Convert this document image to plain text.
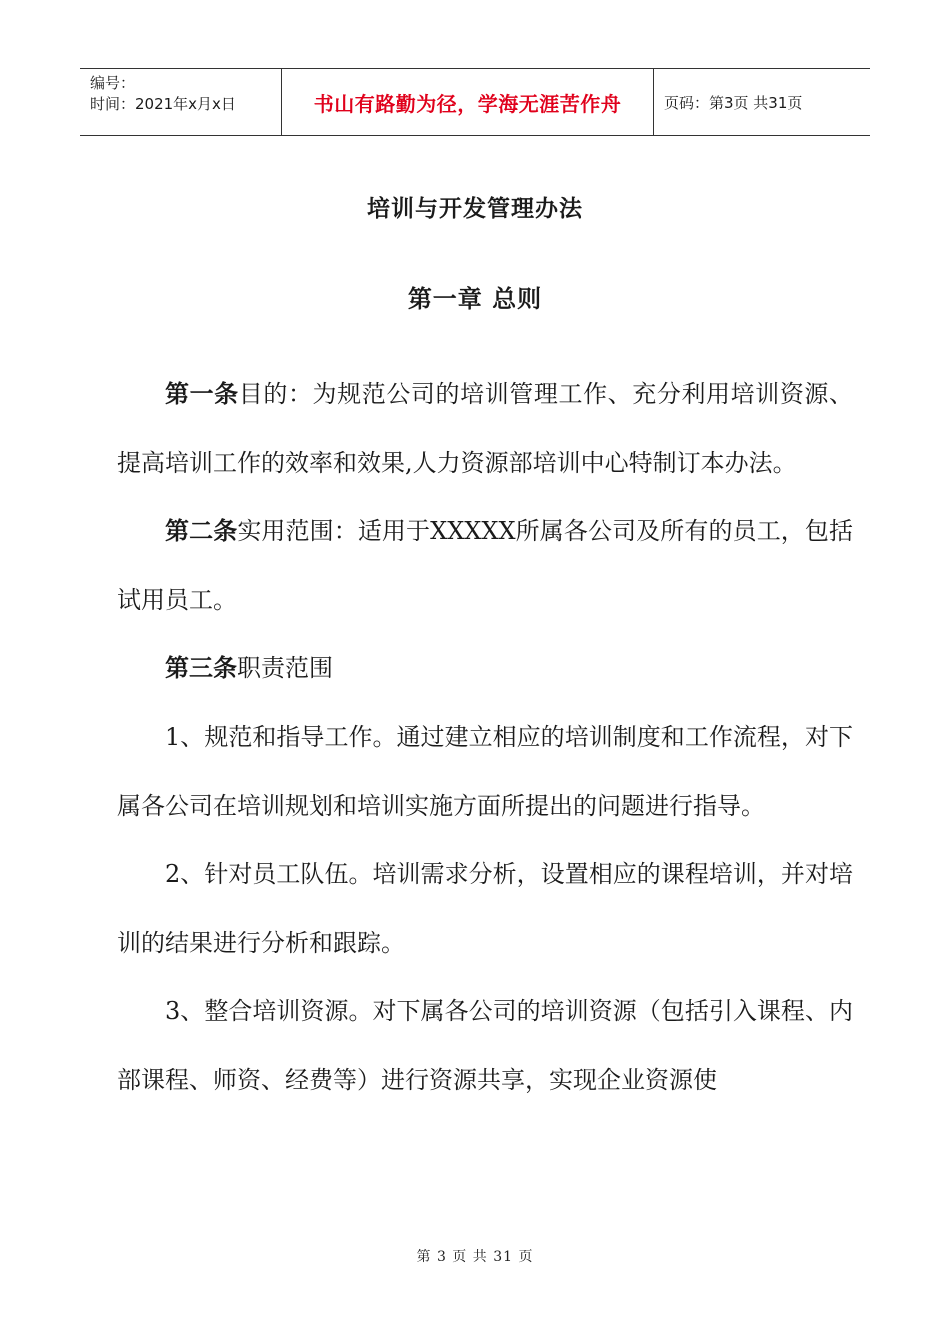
编号：
时间：2021年x月x日	书山有路勤为径，学海无涯苦作舟	页码：第3页 共31页
培训与开发管理办法
第一章 总则

第一条目的：为规范公司的培训管理工作、充分利用培训资源、提高培训工作的效率和效果,人力资源部培训中心特制订本办法。

第二条实用范围：适用于XXXXX所属各公司及所有的员工，包括试用员工。

第三条职责范围

1、规范和指导工作。通过建立相应的培训制度和工作流程，对下属各公司在培训规划和培训实施方面所提出的问题进行指导。

2、针对员工队伍。培训需求分析，设置相应的课程培训，并对培训的结果进行分析和跟踪。

3、整合培训资源。对下属各公司的培训资源（包括引入课程、内部课程、师资、经费等）进行资源共享，实现企业资源使

第 3 页 共 31 页
